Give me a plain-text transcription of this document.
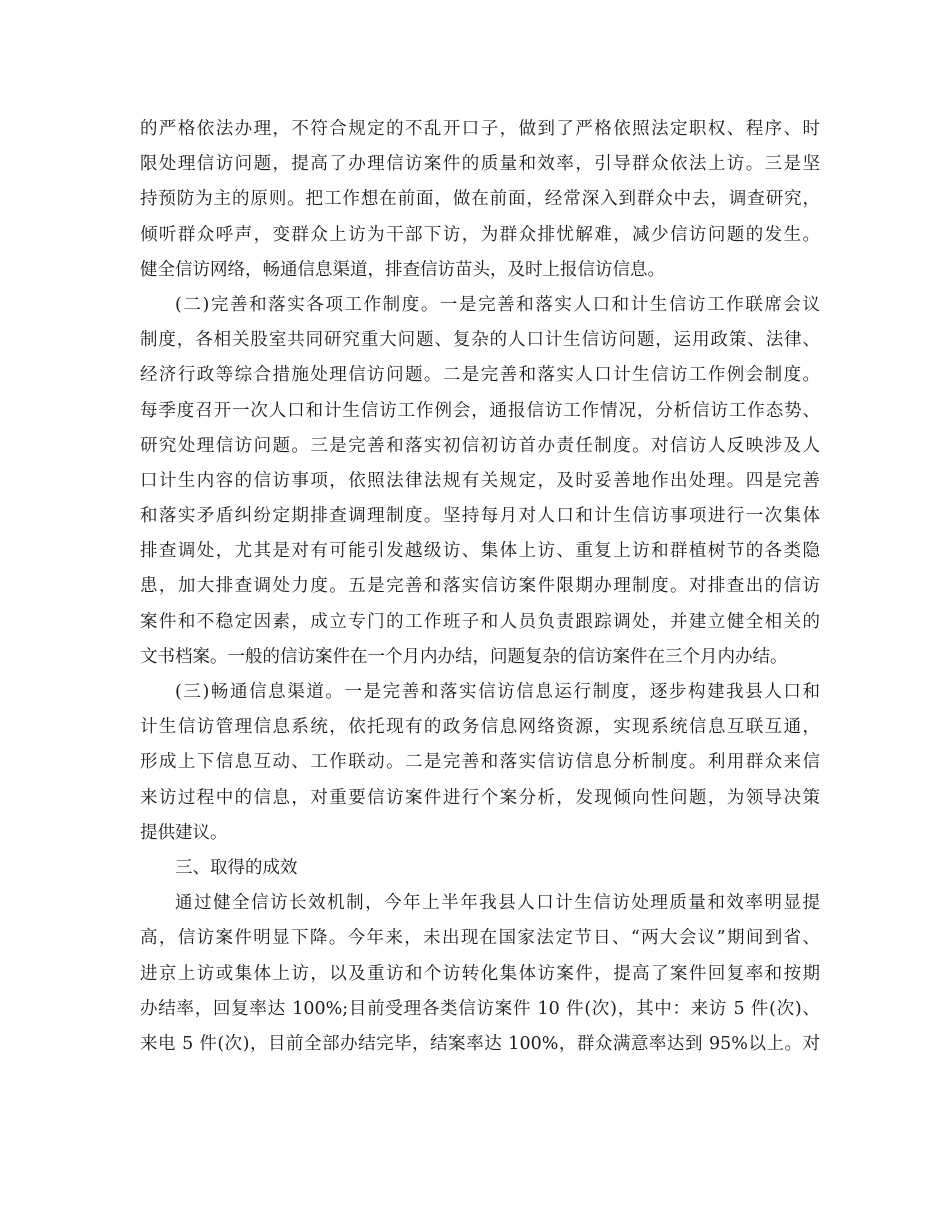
的严格依法办理，不符合规定的不乱开口子，做到了严格依照法定职权、程序、时
限处理信访问题，提高了办理信访案件的质量和效率，引导群众依法上访。三是坚
持预防为主的原则。把工作想在前面，做在前面，经常深入到群众中去，调查研究，
倾听群众呼声，变群众上访为干部下访，为群众排忧解难，减少信访问题的发生。
健全信访网络，畅通信息渠道，排查信访苗头，及时上报信访信息。
(二)完善和落实各项工作制度。一是完善和落实人口和计生信访工作联席会议
制度，各相关股室共同研究重大问题、复杂的人口计生信访问题，运用政策、法律、
经济行政等综合措施处理信访问题。二是完善和落实人口计生信访工作例会制度。
每季度召开一次人口和计生信访工作例会，通报信访工作情况，分析信访工作态势、
研究处理信访问题。三是完善和落实初信初访首办责任制度。对信访人反映涉及人
口计生内容的信访事项，依照法律法规有关规定，及时妥善地作出处理。四是完善
和落实矛盾纠纷定期排查调理制度。坚持每月对人口和计生信访事项进行一次集体
排查调处，尤其是对有可能引发越级访、集体上访、重复上访和群植树节的各类隐
患，加大排查调处力度。五是完善和落实信访案件限期办理制度。对排查出的信访
案件和不稳定因素，成立专门的工作班子和人员负责跟踪调处，并建立健全相关的
文书档案。一般的信访案件在一个月内办结，问题复杂的信访案件在三个月内办结。
(三)畅通信息渠道。一是完善和落实信访信息运行制度，逐步构建我县人口和
计生信访管理信息系统，依托现有的政务信息网络资源，实现系统信息互联互通，
形成上下信息互动、工作联动。二是完善和落实信访信息分析制度。利用群众来信
来访过程中的信息，对重要信访案件进行个案分析，发现倾向性问题，为领导决策
提供建议。
三、取得的成效
通过健全信访长效机制，今年上半年我县人口计生信访处理质量和效率明显提
高，信访案件明显下降。今年来，未出现在国家法定节日、“两大会议”期间到省、
进京上访或集体上访，以及重访和个访转化集体访案件，提高了案件回复率和按期
办结率，回复率达 100%;目前受理各类信访案件 10 件(次)，其中：来访 5 件(次)、
来电 5 件(次)，目前全部办结完毕，结案率达 100%，群众满意率达到 95%以上。对
